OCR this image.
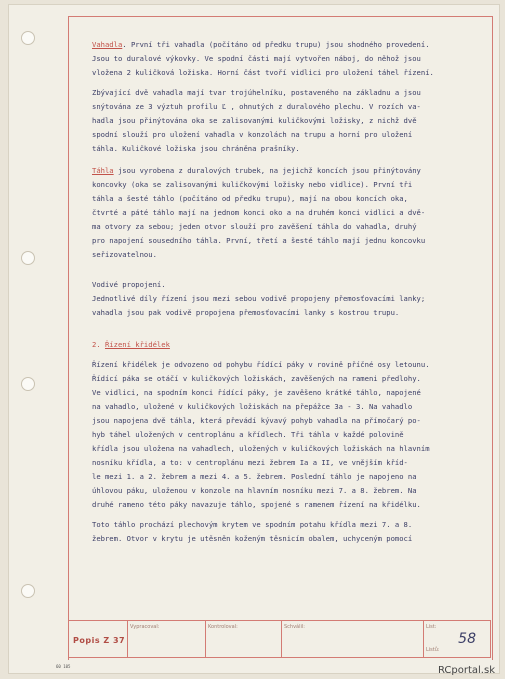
Vahadla. První tři vahadla (počítáno od předku trupu) jsou shodného provedení.
Jsou to duralové výkovky. Ve spodní části mají vytvořen náboj, do něhož jsou
vložena 2 kuličková ložiska. Horní část tvoří vidlici pro uložení táhel řízení.
Zbývající dvě vahadla mají tvar trojúhelníku, postaveného na základnu a jsou
snýtována ze 3 výztuh profilu Ľ , ohnutých z duralového plechu. V rozích va-
hadla jsou přinýtována oka se zalisovanými kuličkovými ložisky, z nichž dvě
spodní slouží pro uložení vahadla v konzolách na trupu a horní pro uložení
táhla. Kuličkové ložiska jsou chráněna prašníky.
Táhla jsou vyrobena z duralových trubek, na jejichž koncích jsou přinýtovány
koncovky (oka se zalisovanými kuličkovými ložisky nebo vidlice). První tři
táhla a šesté táhlo (počítáno od předku trupu), mají na obou koncích oka,
čtvrté a páté táhlo mají na jednom konci oko a na druhém konci vidlici a dvě-
ma otvory za sebou; jeden otvor slouží pro zavěšení táhla do vahadla, druhý
pro napojení sousedního táhla. První, třetí a šesté táhlo mají jednu koncovku
seřizovatelnou.
Vodivé propojení.
Jednotlivé díly řízení jsou mezi sebou vodivě propojeny přemosťovacími lanky;
vahadla jsou pak vodivě propojena přemosťovacími lanky s kostrou trupu.
2. Řízení křidélek
Řízení křidélek je odvozeno od pohybu řídící páky v rovině příčné osy letounu.
Řídící páka se otáčí v kuličkových ložiskách, zavěšených na rameni předlohy.
Ve vidlici, na spodním konci řídící páky, je zavěšeno krátké táhlo, napojené
na vahadlo, uložené v kuličkových ložiskách na přepážce 3a - 3. Na vahadlo
jsou napojena dvě táhla, která převádí kývavý pohyb vahadla na přímočarý po-
hyb táhel uložených v centroplánu a křídlech. Tři táhla v každé polovině
křídla jsou uložena na vahadlech, uložených v kuličkových ložiskách na hlavním
nosníku křídla, a to: v centroplánu mezi žebrem Ia a II, ve vnějším kříd-
le mezi 1. a 2. žebrem a mezi 4. a 5. žebrem. Poslední táhlo je napojeno na
úhlovou páku, uloženou v konzole na hlavním nosníku mezi 7. a 8. žebrem. Na
druhé rameno této páky navazuje táhlo, spojené s ramenem řízení na křidélku.
Toto táhlo prochází plechovým krytem ve spodním potahu křídla mezi 7. a 8.
žebrem. Otvor v krytu je utěsněn koženým těsnicím obalem, uchyceným pomocí
Popis Z 37
Vypracoval:	Kontroloval:	Schválil:	List:
Listů:
58
60 105	RCportal.sk
